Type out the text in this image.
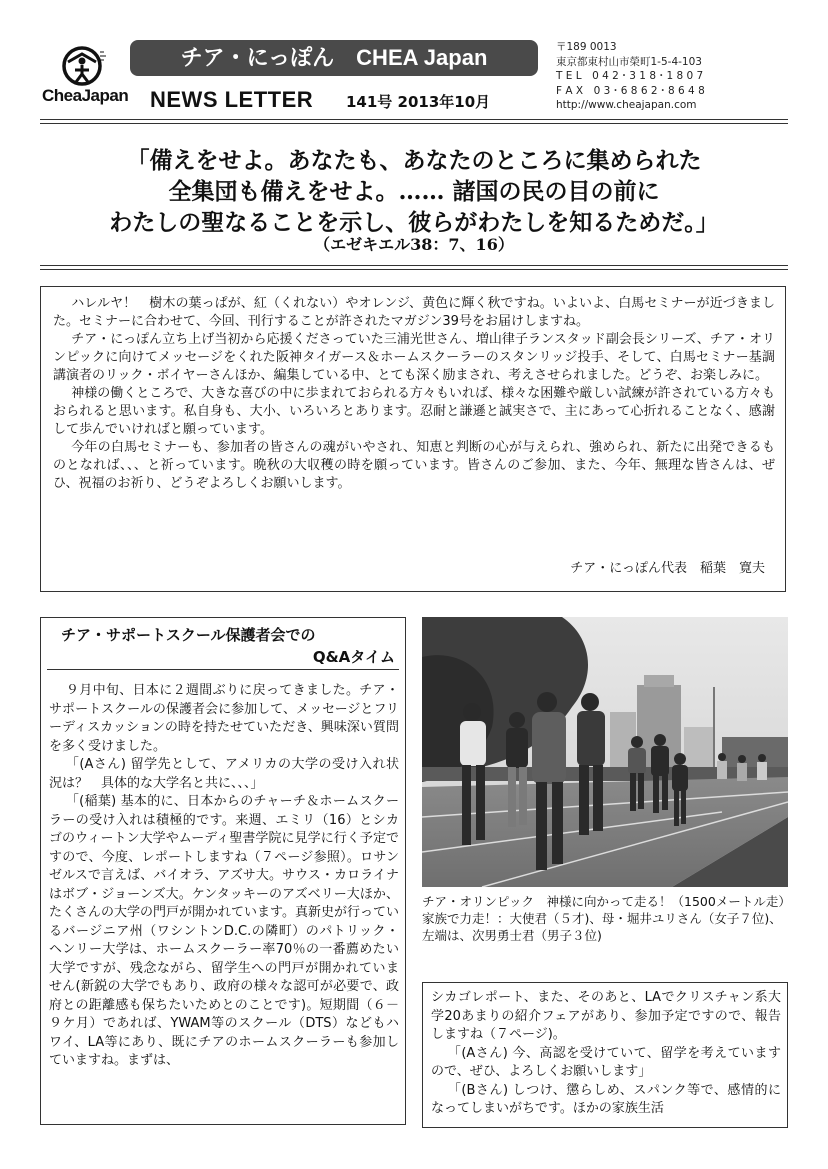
CheaJapan
チア・にっぽん　CHEA Japan
NEWS LETTER 141号 2013年10月
〒189 0013
東京都東村山市榮町1-5-4-103
T E L　0 4 2・3 1 8・1 8 0 7
F A X　0 3・6 8 6 2・8 6 4 8
http://www.cheajapan.com
「備えをせよ。あなたも、あなたのところに集められた
全集団も備えをせよ。…… 諸国の民の目の前に
わたしの聖なることを示し、彼らがわたしを知るためだ。」
（エゼキエル38：7、16）

ハレルヤ！　樹木の葉っぱが、紅（くれない）やオレンジ、黄色に輝く秋ですね。いよいよ、白馬セミナーが近づきました。セミナーに合わせて、今回、刊行することが許されたマガジン39号をお届けしますね。

チア・にっぽん立ち上げ当初から応援くださっていた三浦光世さん、増山律子ランスタッド副会長シリーズ、チア・オリンピックに向けてメッセージをくれた阪神タイガース＆ホームスクーラーのスタンリッジ投手、そして、白馬セミナー基調講演者のリック・ボイヤーさんほか、編集している中、とても深く励まされ、考えさせられました。どうぞ、お楽しみに。

神様の働くところで、大きな喜びの中に歩まれておられる方々もいれば、様々な困難や厳しい試練が許されている方々もおられると思います。私自身も、大小、いろいろとあります。忍耐と謙遜と誠実さで、主にあって心折れることなく、感謝して歩んでいければと願っています。

今年の白馬セミナーも、参加者の皆さんの魂がいやされ、知恵と判断の心が与えられ、強められ、新たに出発できるものとなれば、、、と祈っています。晩秋の大収穫の時を願っています。皆さんのご参加、また、今年、無理な皆さんは、ぜひ、祝福のお祈り、どうぞよろしくお願いします。

チア・にっぽん代表　稲葉　寛夫
チア・サポートスクール保護者会での
Q&Aタイム

９月中旬、日本に２週間ぶりに戻ってきました。チア・サポートスクールの保護者会に参加して、メッセージとフリーディスカッションの時を持たせていただき、興味深い質問を多く受けました。

「(Aさん) 留学先として、アメリカの大学の受け入れ状況は？　具体的な大学名と共に、、、」

「(稲葉) 基本的に、日本からのチャーチ＆ホームスクーラーの受け入れは積極的です。来週、エミリ（16）とシカゴのウィートン大学やムーディ聖書学院に見学に行く予定ですので、今度、レポートしますね（７ページ参照）。ロサンゼルスで言えば、バイオラ、アズサ大。サウス・カロライナはボブ・ジョーンズ大。ケンタッキーのアズベリー大ほか、たくさんの大学の門戸が開かれています。真新史が行っているバージニア州（ワシントンD.C.の隣町）のパトリック・ヘンリー大学は、ホームスクーラー率70％の一番薦めたい大学ですが、残念ながら、留学生への門戸が開かれていません(新鋭の大学でもあり、政府の様々な認可が必要で、政府との距離感も保ちたいためとのことです)。短期間（６－９ケ月）であれば、YWAM等のスクール（DTS）などもハワイ、LA等にあり、既にチアのホームスクーラーも参加していますね。まずは、

チア・オリンピック　神様に向かって走る！（1500メートル走）

家族で力走！：大使君（５才)、母・堀井ユリさん（女子７位)、左端は、次男勇士君（男子３位)

シカゴレポート、また、そのあと、LAでクリスチャン系大学20あまりの紹介フェアがあり、参加予定ですので、報告しますね（７ページ)。

「(Aさん) 今、高認を受けていて、留学を考えていますので、ぜひ、よろしくお願いします」

「(Bさん) しつけ、懲らしめ、スパンク等で、感情的になってしまいがちです。ほかの家族生活
